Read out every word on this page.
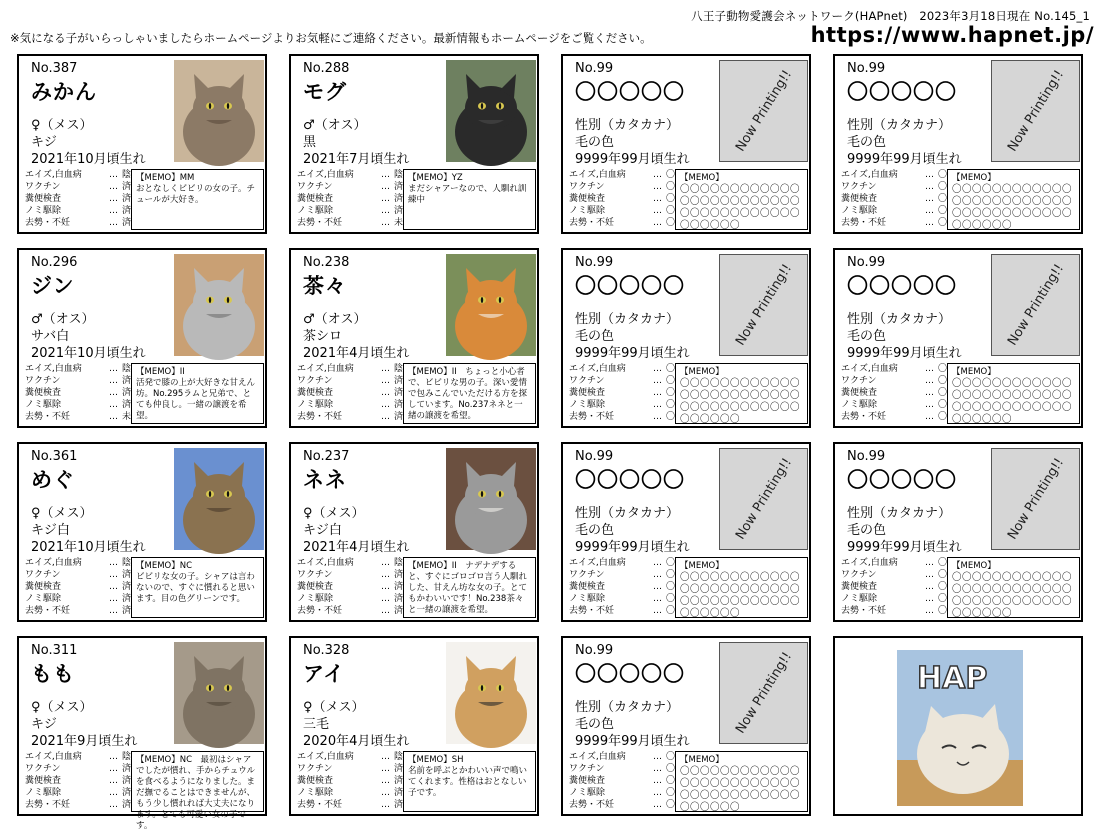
八王子動物愛護会ネットワーク(HAPnet)　2023年3月18日現在 No.145_1
※気になる子がいらっしゃいましたらホームページよりお気軽にご連絡ください。最新情報もホームページをご覧ください。	https://www.hapnet.jp/
HAP
No.387
みかん
♀（メス）
キジ
2021年10月頃生れ
エイズ,白血病	… 陰
ワクチン	… 済
糞便検査	… 済
ノミ駆除	… 済
去勢・不妊	… 済
【MEMO】MM
おとなしくビビリの女の子。チュールが大好き。
No.288
モグ
♂（オス）
黒
2021年7月頃生れ
エイズ,白血病	… 陰
ワクチン	… 済
糞便検査	… 済
ノミ駆除	… 済
去勢・不妊	… 未
【MEMO】YZ
まだシャアーなので、人馴れ訓練中
No.99
〇〇〇〇〇
性別（カタカナ）
毛の色
9999年99月頃生れ
Now Printing!!
エイズ,白血病	… 〇
ワクチン	… 〇
糞便検査	… 〇
ノミ駆除	… 〇
去勢・不妊	… 〇
【MEMO】
〇〇〇〇〇〇〇〇〇〇〇〇〇〇〇〇〇〇〇〇〇〇〇〇〇〇〇〇〇〇〇〇〇〇〇〇〇〇〇〇〇〇
No.99
〇〇〇〇〇
性別（カタカナ）
毛の色
9999年99月頃生れ
Now Printing!!
エイズ,白血病	… 〇
ワクチン	… 〇
糞便検査	… 〇
ノミ駆除	… 〇
去勢・不妊	… 〇
【MEMO】
〇〇〇〇〇〇〇〇〇〇〇〇〇〇〇〇〇〇〇〇〇〇〇〇〇〇〇〇〇〇〇〇〇〇〇〇〇〇〇〇〇〇
No.296
ジン
♂（オス）
サバ白
2021年10月頃生れ
エイズ,白血病	… 陰
ワクチン	… 済
糞便検査	… 済
ノミ駆除	… 済
去勢・不妊	… 未
【MEMO】II
活発で膝の上が大好きな甘えん坊。No.295ラムと兄弟で、とても仲良し。一緒の譲渡を希望。
No.238
茶々
♂（オス）
茶シロ
2021年4月頃生れ
エイズ,白血病	… 陰
ワクチン	… 済
糞便検査	… 済
ノミ駆除	… 済
去勢・不妊	… 済
【MEMO】II　ちょっと小心者で、ビビリな男の子。深い愛情で包みこんでいただける方を探しています。No.237ネネと一緒の譲渡を希望。
No.99
〇〇〇〇〇
性別（カタカナ）
毛の色
9999年99月頃生れ
Now Printing!!
エイズ,白血病	… 〇
ワクチン	… 〇
糞便検査	… 〇
ノミ駆除	… 〇
去勢・不妊	… 〇
【MEMO】
〇〇〇〇〇〇〇〇〇〇〇〇〇〇〇〇〇〇〇〇〇〇〇〇〇〇〇〇〇〇〇〇〇〇〇〇〇〇〇〇〇〇
No.99
〇〇〇〇〇
性別（カタカナ）
毛の色
9999年99月頃生れ
Now Printing!!
エイズ,白血病	… 〇
ワクチン	… 〇
糞便検査	… 〇
ノミ駆除	… 〇
去勢・不妊	… 〇
【MEMO】
〇〇〇〇〇〇〇〇〇〇〇〇〇〇〇〇〇〇〇〇〇〇〇〇〇〇〇〇〇〇〇〇〇〇〇〇〇〇〇〇〇〇
No.361
めぐ
♀（メス）
キジ白
2021年10月頃生れ
エイズ,白血病	… 陰
ワクチン	… 済
糞便検査	… 済
ノミ駆除	… 済
去勢・不妊	… 済
【MEMO】NC
ビビリな女の子。シャアは言わないので、すぐに慣れると思います。目の色グリーンです。
No.237
ネネ
♀（メス）
キジ白
2021年4月頃生れ
エイズ,白血病	… 陰
ワクチン	… 済
糞便検査	… 済
ノミ駆除	… 済
去勢・不妊	… 済
【MEMO】II　ナデナデすると、すぐにゴロゴロ言う人馴れした、甘えん坊な女の子。とてもかわいいです！No.238茶々と一緒の譲渡を希望。
No.99
〇〇〇〇〇
性別（カタカナ）
毛の色
9999年99月頃生れ
Now Printing!!
エイズ,白血病	… 〇
ワクチン	… 〇
糞便検査	… 〇
ノミ駆除	… 〇
去勢・不妊	… 〇
【MEMO】
〇〇〇〇〇〇〇〇〇〇〇〇〇〇〇〇〇〇〇〇〇〇〇〇〇〇〇〇〇〇〇〇〇〇〇〇〇〇〇〇〇〇
No.99
〇〇〇〇〇
性別（カタカナ）
毛の色
9999年99月頃生れ
Now Printing!!
エイズ,白血病	… 〇
ワクチン	… 〇
糞便検査	… 〇
ノミ駆除	… 〇
去勢・不妊	… 〇
【MEMO】
〇〇〇〇〇〇〇〇〇〇〇〇〇〇〇〇〇〇〇〇〇〇〇〇〇〇〇〇〇〇〇〇〇〇〇〇〇〇〇〇〇〇
No.311
もも
♀（メス）
キジ
2021年9月頃生れ
エイズ,白血病	… 陰
ワクチン	… 済
糞便検査	… 済
ノミ駆除	… 済
去勢・不妊	… 済
【MEMO】NC　最初はシャアでしたが慣れ、手からチュウルを食べるようになりました。まだ撫でることはできませんが、もう少し慣れれば大丈夫になります。とても可愛い女の子です。
No.328
アイ
♀（メス）
三毛
2020年4月頃生れ
エイズ,白血病	… 陰
ワクチン	… 済
糞便検査	… 済
ノミ駆除	… 済
去勢・不妊	… 済
【MEMO】SH
名前を呼ぶとかわいい声で鳴いてくれます。性格はおとなしい子です。
No.99
〇〇〇〇〇
性別（カタカナ）
毛の色
9999年99月頃生れ
Now Printing!!
エイズ,白血病	… 〇
ワクチン	… 〇
糞便検査	… 〇
ノミ駆除	… 〇
去勢・不妊	… 〇
【MEMO】
〇〇〇〇〇〇〇〇〇〇〇〇〇〇〇〇〇〇〇〇〇〇〇〇〇〇〇〇〇〇〇〇〇〇〇〇〇〇〇〇〇〇
